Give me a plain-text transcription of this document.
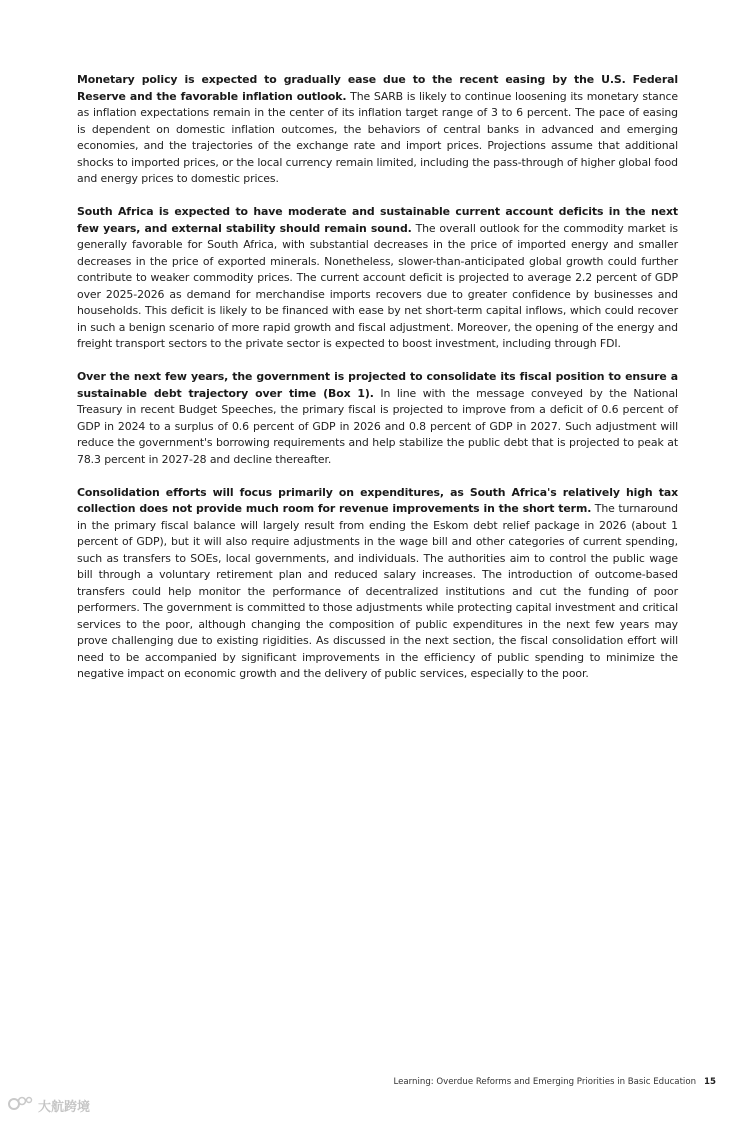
Monetary policy is expected to gradually ease due to the recent easing by the U.S. Federal Reserve and the favorable inflation outlook. The SARB is likely to continue loosening its monetary stance as inflation expectations remain in the center of its inflation target range of 3 to 6 percent. The pace of easing is dependent on domestic inflation outcomes, the behaviors of central banks in advanced and emerging economies, and the trajectories of the exchange rate and import prices. Projections assume that additional shocks to imported prices, or the local currency remain limited, including the pass-through of higher global food and energy prices to domestic prices.

South Africa is expected to have moderate and sustainable current account deficits in the next few years, and external stability should remain sound. The overall outlook for the commodity market is generally favorable for South Africa, with substantial decreases in the price of imported energy and smaller decreases in the price of exported minerals. Nonetheless, slower-than-anticipated global growth could further contribute to weaker commodity prices. The current account deficit is projected to average 2.2 percent of GDP over 2025-2026 as demand for merchandise imports recovers due to greater confidence by businesses and households. This deficit is likely to be financed with ease by net short-term capital inflows, which could recover in such a benign scenario of more rapid growth and fiscal adjustment. Moreover, the opening of the energy and freight transport sectors to the private sector is expected to boost investment, including through FDI.

Over the next few years, the government is projected to consolidate its fiscal position to ensure a sustainable debt trajectory over time (Box 1). In line with the message conveyed by the National Treasury in recent Budget Speeches, the primary fiscal is projected to improve from a deficit of 0.6 percent of GDP in 2024 to a surplus of 0.6 percent of GDP in 2026 and 0.8 percent of GDP in 2027. Such adjustment will reduce the government's borrowing requirements and help stabilize the public debt that is projected to peak at 78.3 percent in 2027-28 and decline thereafter.

Consolidation efforts will focus primarily on expenditures, as South Africa's relatively high tax collection does not provide much room for revenue improvements in the short term. The turnaround in the primary fiscal balance will largely result from ending the Eskom debt relief package in 2026 (about 1 percent of GDP), but it will also require adjustments in the wage bill and other categories of current spending, such as transfers to SOEs, local governments, and individuals. The authorities aim to control the public wage bill through a voluntary retirement plan and reduced salary increases. The introduction of outcome-based transfers could help monitor the performance of decentralized institutions and cut the funding of poor performers. The government is committed to those adjustments while protecting capital investment and critical services to the poor, although changing the composition of public expenditures in the next few years may prove challenging due to existing rigidities. As discussed in the next section, the fiscal consolidation effort will need to be accompanied by significant improvements in the efficiency of public spending to minimize the negative impact on economic growth and the delivery of public services, especially to the poor.

Learning: Overdue Reforms and Emerging Priorities in Basic Education 15
大航跨境
